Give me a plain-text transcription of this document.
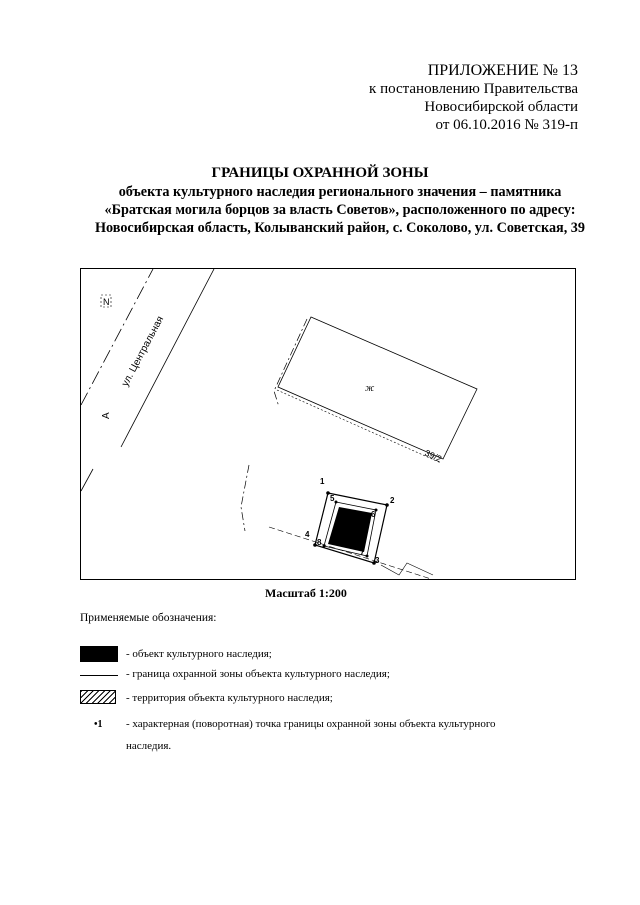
ПРИЛОЖЕНИЕ № 13
к постановлению Правительства
Новосибирской области
от 06.10.2016 № 319-п
ГРАНИЦЫ ОХРАННОЙ ЗОНЫ
объекта культурного наследия регионального значения – памятника
«Братская могила борцов за власть Советов», расположенного по адресу:
Новосибирская область, Колыванский район, с. Соколово, ул. Советская, 39
ул. Центральная
А
N
ж
39/2
1
2
3
4
5
6
7
8
Масштаб 1:200
Применяемые обозначения:
- объект культурного наследия;
- граница охранной зоны объекта культурного наследия;
- территория объекта культурного наследия;
•1 - характерная (поворотная) точка границы охранной зоны объекта культурного
наследия.
